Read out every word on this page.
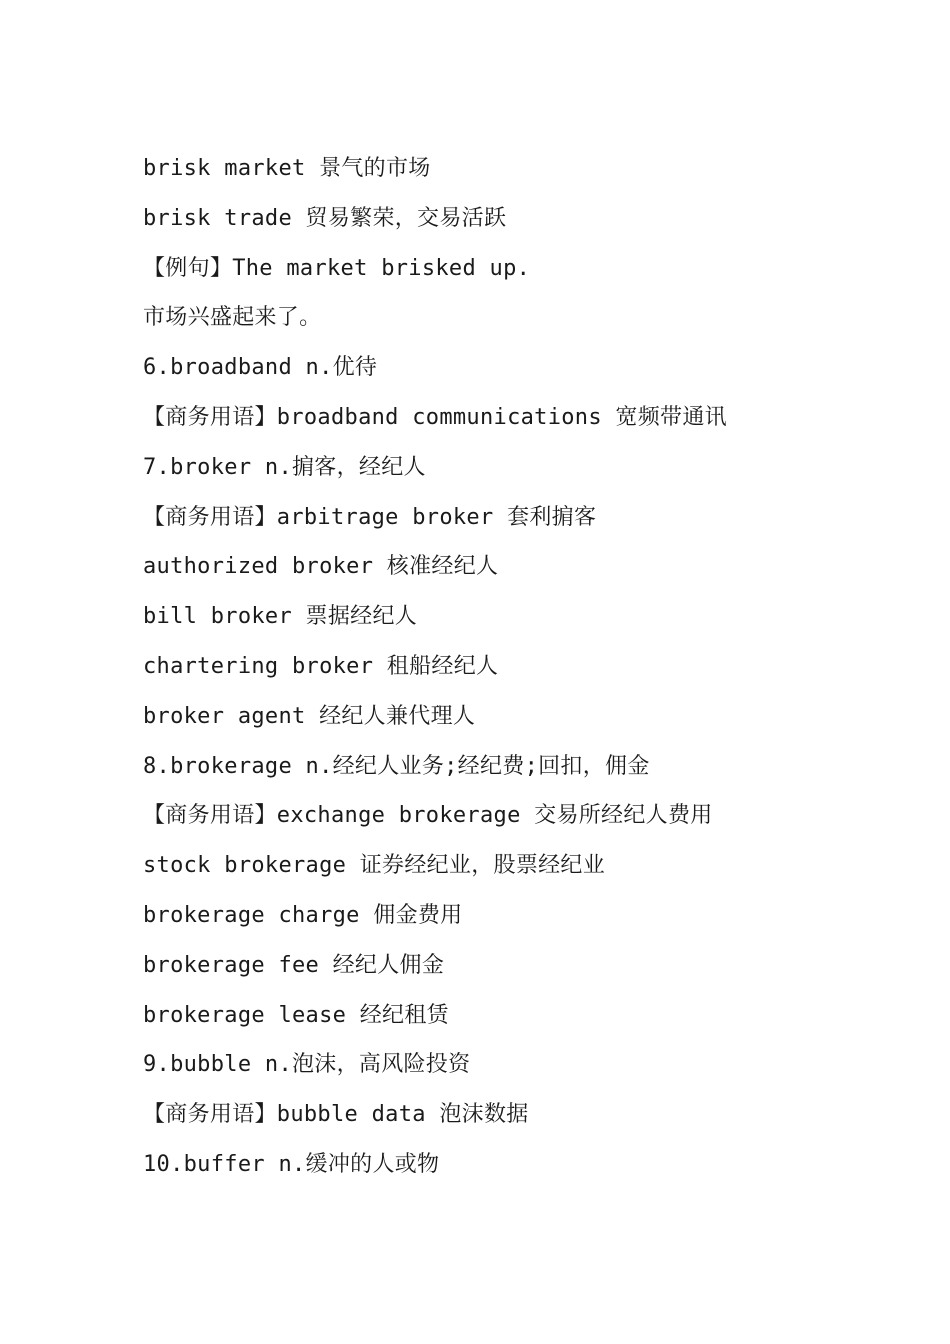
brisk market 景气的市场
brisk trade 贸易繁荣，交易活跃
【例句】The market brisked up.
市场兴盛起来了。
6.broadband n.优待
【商务用语】broadband communications 宽频带通讯
7.broker n.掮客，经纪人
【商务用语】arbitrage broker 套利掮客
authorized broker 核准经纪人
bill broker 票据经纪人
chartering broker 租船经纪人
broker agent 经纪人兼代理人
8.brokerage n.经纪人业务;经纪费;回扣，佣金
【商务用语】exchange brokerage 交易所经纪人费用
stock brokerage 证券经纪业，股票经纪业
brokerage charge 佣金费用
brokerage fee 经纪人佣金
brokerage lease 经纪租赁
9.bubble n.泡沫，高风险投资
【商务用语】bubble data 泡沫数据
10.buffer n.缓冲的人或物
